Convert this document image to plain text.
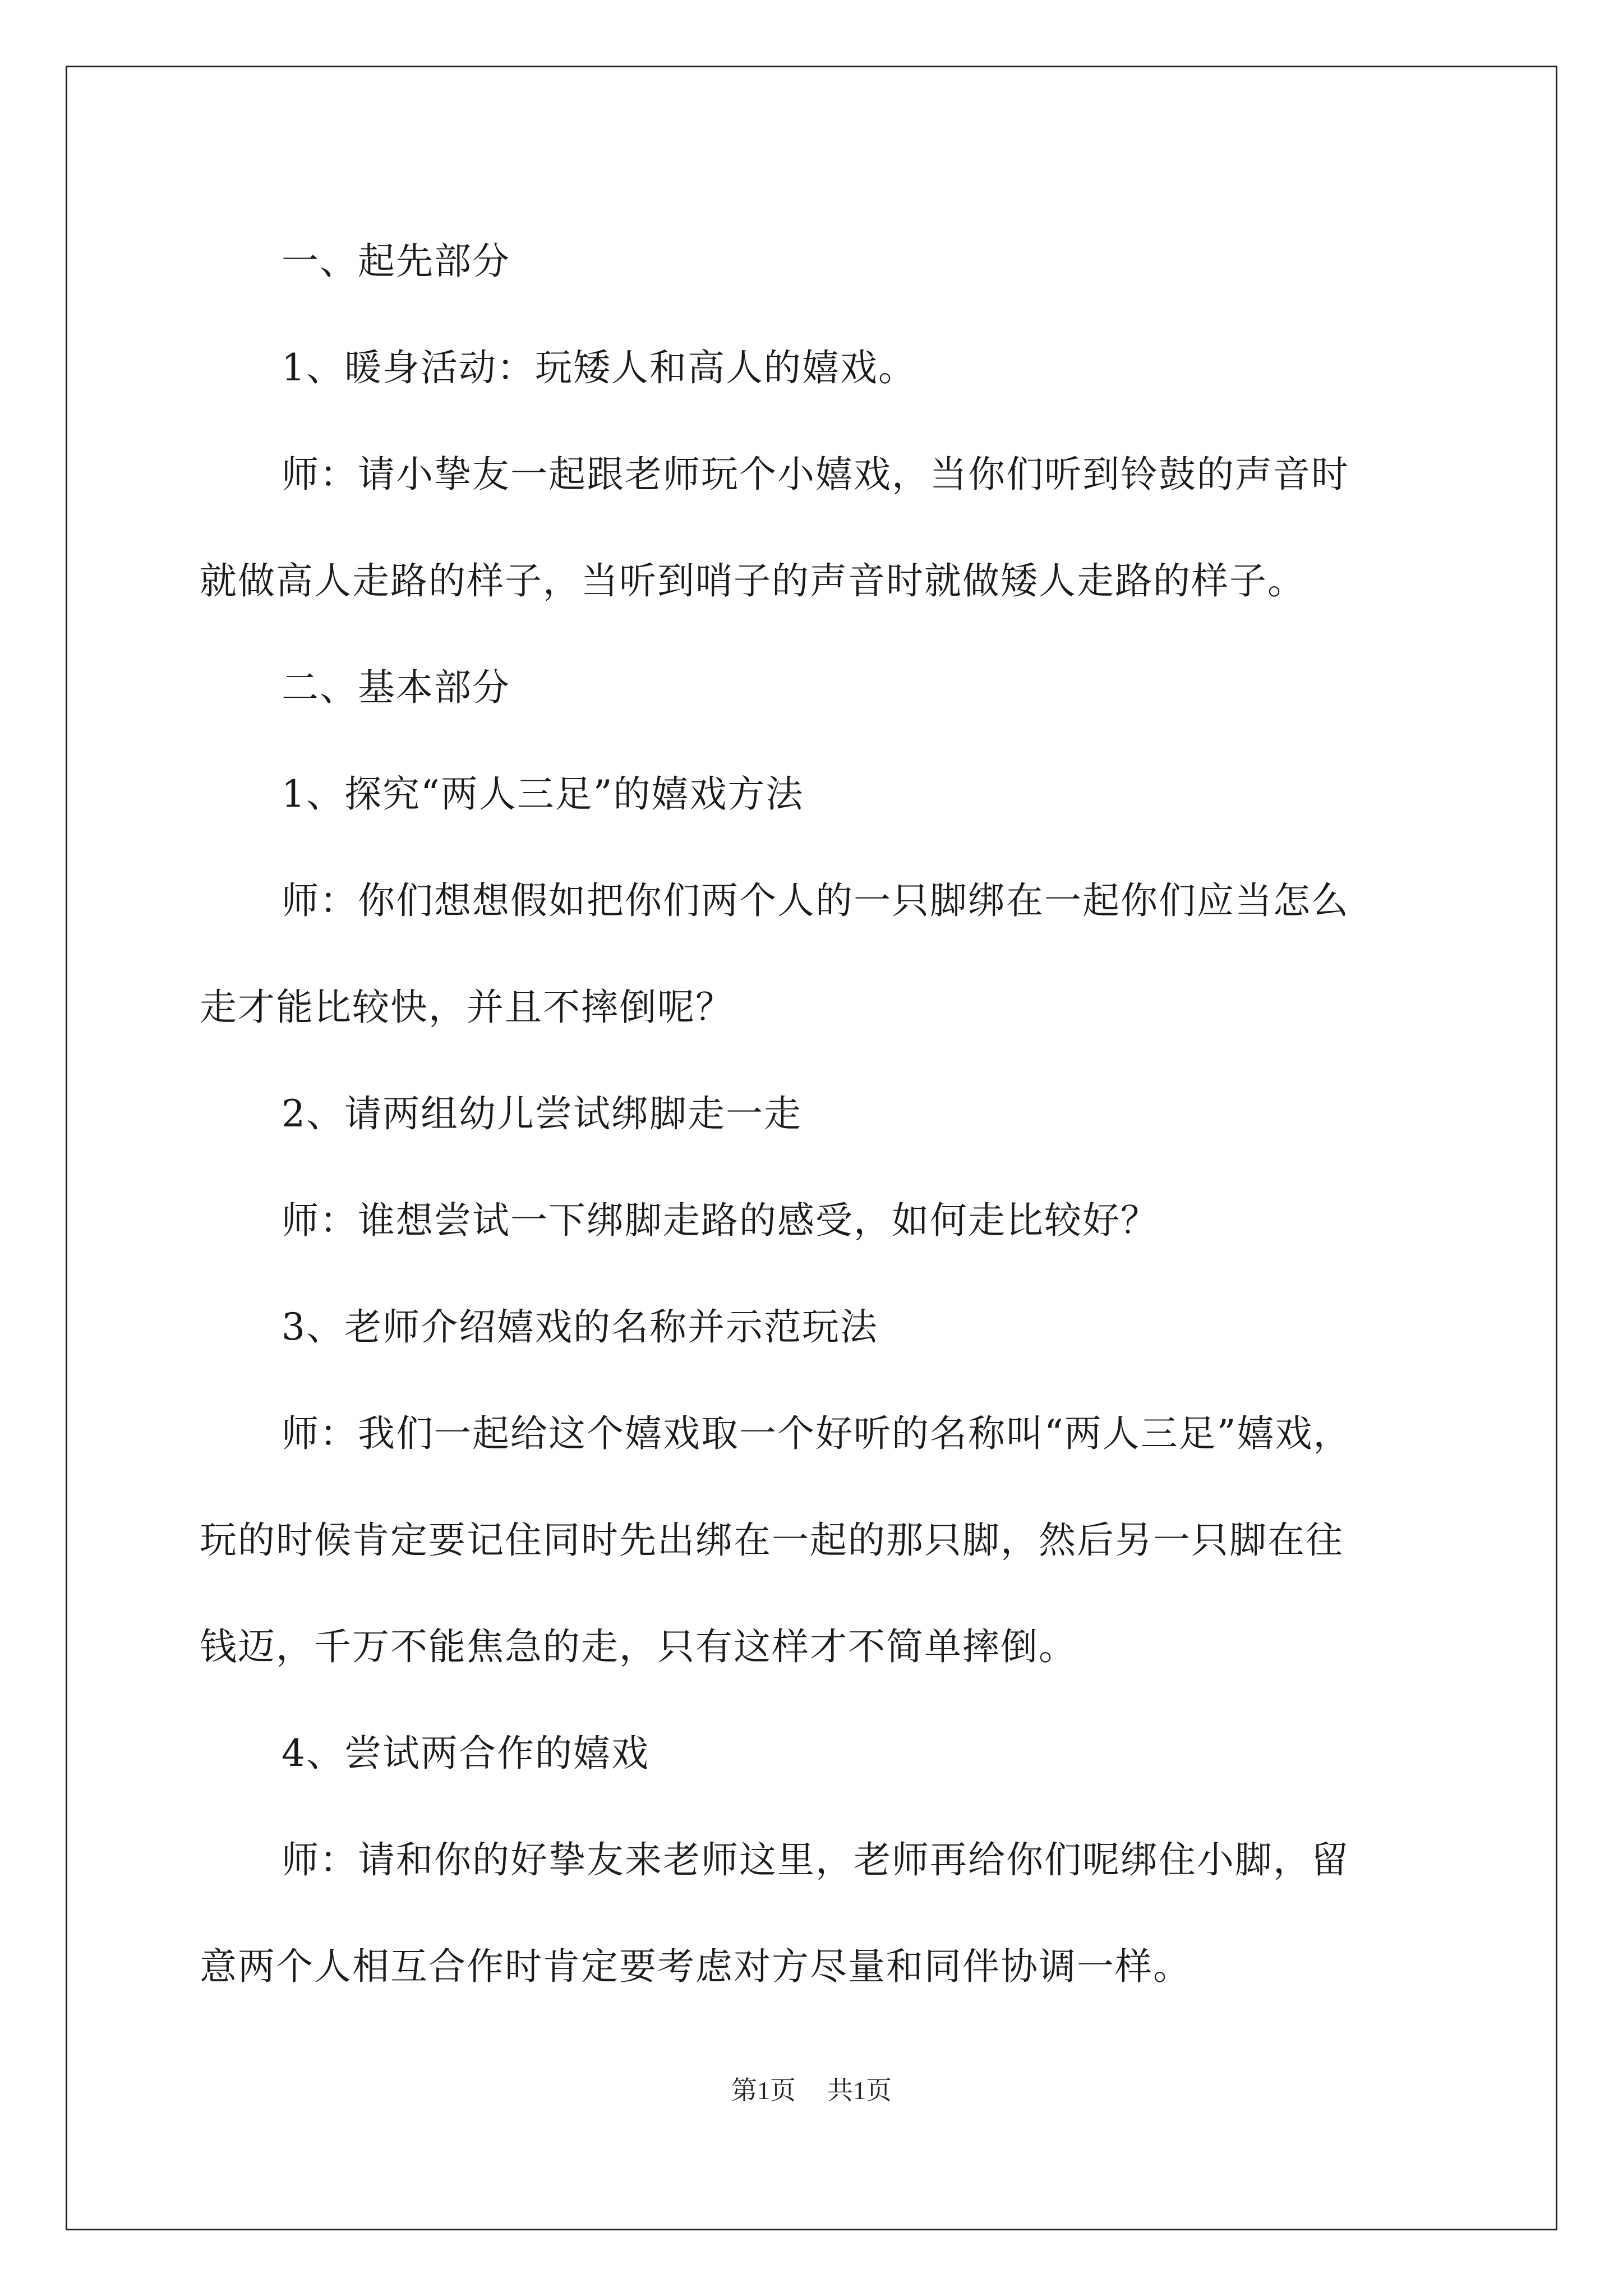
一、起先部分

1、暖身活动：玩矮人和高人的嬉戏。

师：请小挚友一起跟老师玩个小嬉戏，当你们听到铃鼓的声音时

就做高人走路的样子，当听到哨子的声音时就做矮人走路的样子。

二、基本部分

1、探究“两人三足”的嬉戏方法

师：你们想想假如把你们两个人的一只脚绑在一起你们应当怎么

走才能比较快，并且不摔倒呢？

2、请两组幼儿尝试绑脚走一走

师：谁想尝试一下绑脚走路的感受，如何走比较好？

3、老师介绍嬉戏的名称并示范玩法

师：我们一起给这个嬉戏取一个好听的名称叫“两人三足”嬉戏，

玩的时候肯定要记住同时先出绑在一起的那只脚，然后另一只脚在往

钱迈，千万不能焦急的走，只有这样才不简单摔倒。

4、尝试两合作的嬉戏

师：请和你的好挚友来老师这里，老师再给你们呢绑住小脚，留

意两个人相互合作时肯定要考虑对方尽量和同伴协调一样。

第1页 共1页
